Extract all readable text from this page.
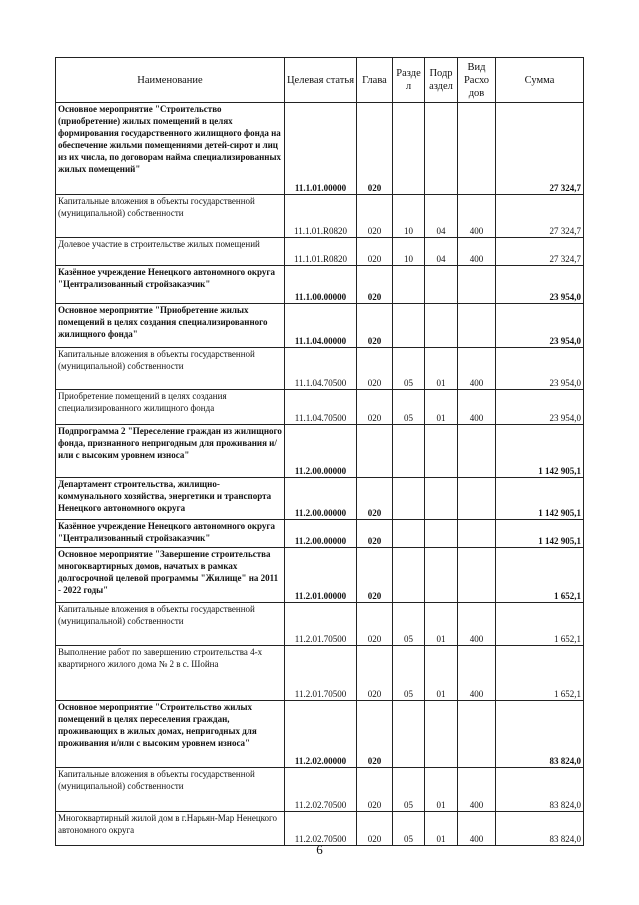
Наименование	Целевая статья	Глава	Разде л	Подр аздел	Вид Расхо дов	Сумма
Основное мероприятие "Строительство (приобретение) жилых помещений в целях формирования государственного жилищного фонда на обеспечение жильми помещениями детей-сирот и лиц из их числа, по договорам найма специализированных жилых помещений"	11.1.01.00000	020				27 324,7
Капитальные вложения в объекты государственной (муниципальной) собственности	11.1.01.R0820	020	10	04	400	27 324,7
Долевое участие в строительстве жилых помещений	11.1.01.R0820	020	10	04	400	27 324,7
Казённое учреждение Ненецкого автономного округа "Централизованный стройзаказчик"	11.1.00.00000	020				23 954,0
Основное мероприятие "Приобретение жилых помещений в целях создания специализированного жилищного фонда"	11.1.04.00000	020				23 954,0
Капитальные вложения в объекты государственной (муниципальной) собственности	11.1.04.70500	020	05	01	400	23 954,0
Приобретение помещений в целях создания специализированного жилищного фонда	11.1.04.70500	020	05	01	400	23 954,0
Подпрограмма 2 "Переселение граждан из жилищного фонда, признанного непригодным для проживания и/или с высоким уровнем износа"	11.2.00.00000					1 142 905,1
Департамент строительства, жилищно-коммунального хозяйства, энергетики и транспорта Ненецкого автономного округа	11.2.00.00000	020				1 142 905,1
Казённое учреждение Ненецкого автономного округа "Централизованный стройзаказчик"	11.2.00.00000	020				1 142 905,1
Основное мероприятие "Завершение строительства многоквартирных домов, начатых в рамках долгосрочной целевой программы "Жилище" на 2011 - 2022 годы"	11.2.01.00000	020				1 652,1
Капитальные вложения в объекты государственной (муниципальной) собственности	11.2.01.70500	020	05	01	400	1 652,1
Выполнение работ по завершению строительства 4-х квартирного жилого дома № 2 в с. Шойна	11.2.01.70500	020	05	01	400	1 652,1
Основное мероприятие "Строительство жилых помещений в целях переселения граждан, проживающих в жилых домах, непригодных для проживания и/или с высоким уровнем износа"	11.2.02.00000	020				83 824,0
Капитальные вложения в объекты государственной (муниципальной) собственности	11.2.02.70500	020	05	01	400	83 824,0
Многоквартирный жилой дом в г.Нарьян-Мар Ненецкого автономного округа	11.2.02.70500	020	05	01	400	83 824,0
6
